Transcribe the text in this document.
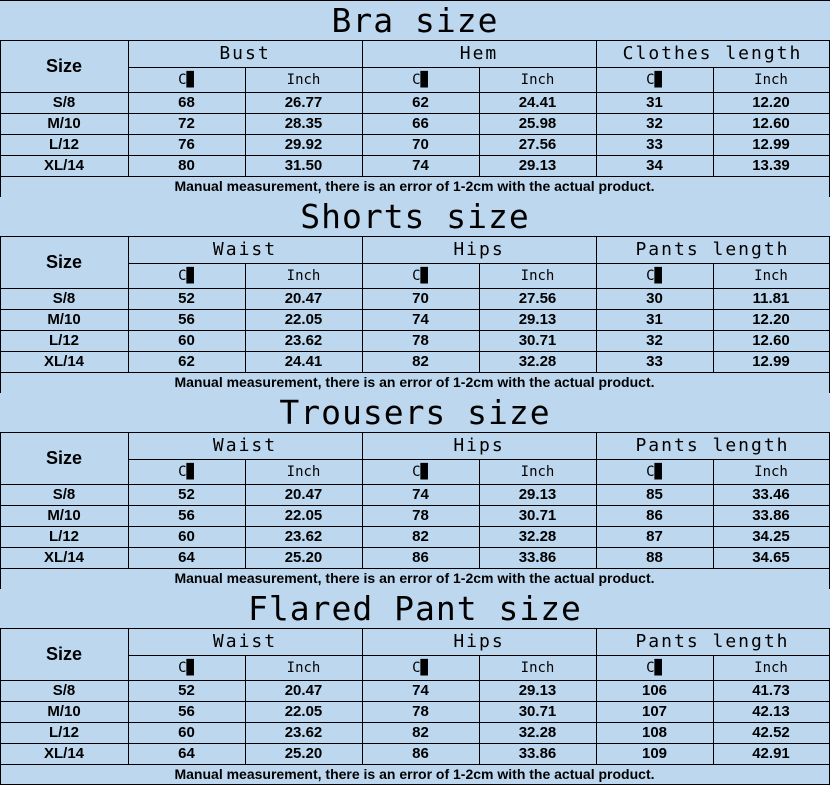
Bra size
Size
Bust	Hem	Clothes length
C▉	Inch	C▉	Inch	C▉	Inch
S/8	68	26.77	62	24.41	31	12.20
M/10	72	28.35	66	25.98	32	12.60
L/12	76	29.92	70	27.56	33	12.99
XL/14	80	31.50	74	29.13	34	13.39
Manual measurement, there is an error of 1-2cm with the actual product.
Shorts size
Size
Waist	Hips	Pants length
C▉	Inch	C▉	Inch	C▉	Inch
S/8	52	20.47	70	27.56	30	11.81
M/10	56	22.05	74	29.13	31	12.20
L/12	60	23.62	78	30.71	32	12.60
XL/14	62	24.41	82	32.28	33	12.99
Manual measurement, there is an error of 1-2cm with the actual product.
Trousers size
Size
Waist	Hips	Pants length
C▉	Inch	C▉	Inch	C▉	Inch
S/8	52	20.47	74	29.13	85	33.46
M/10	56	22.05	78	30.71	86	33.86
L/12	60	23.62	82	32.28	87	34.25
XL/14	64	25.20	86	33.86	88	34.65
Manual measurement, there is an error of 1-2cm with the actual product.
Flared Pant size
Size
Waist	Hips	Pants length
C▉	Inch	C▉	Inch	C▉	Inch
S/8	52	20.47	74	29.13	106	41.73
M/10	56	22.05	78	30.71	107	42.13
L/12	60	23.62	82	32.28	108	42.52
XL/14	64	25.20	86	33.86	109	42.91
Manual measurement, there is an error of 1-2cm with the actual product.
